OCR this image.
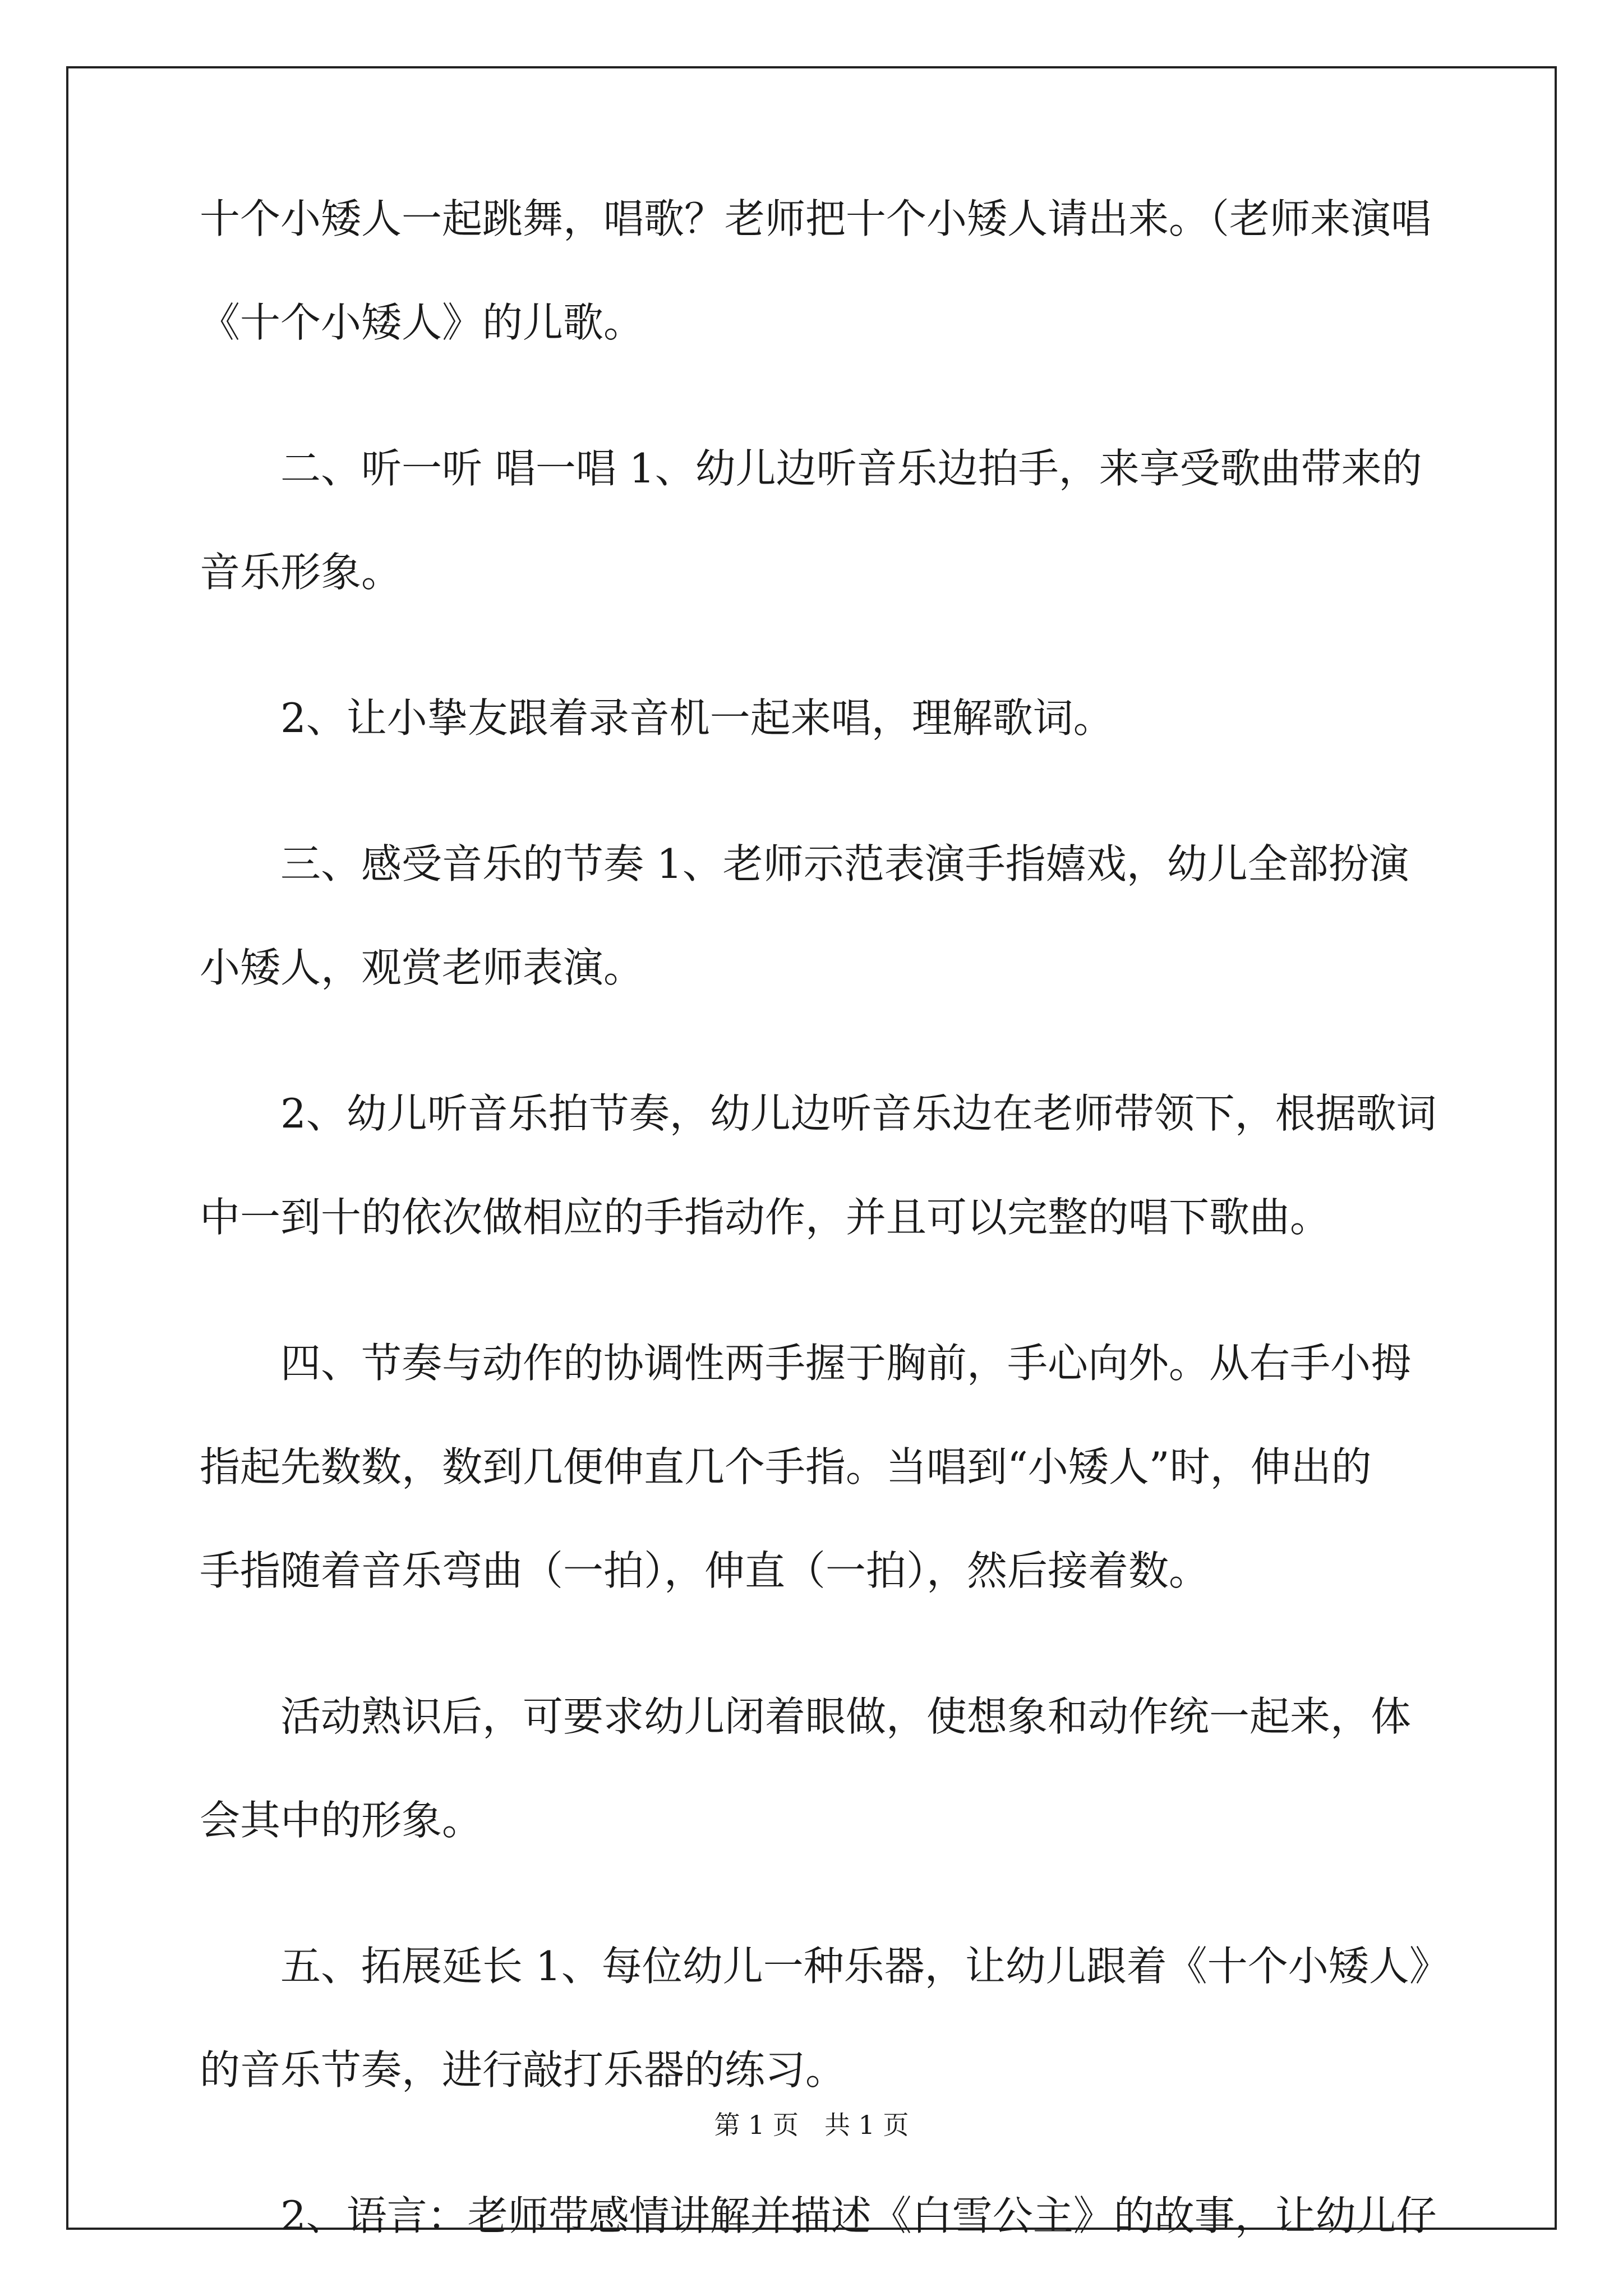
十个小矮人一起跳舞，唱歌？老师把十个小矮人请出来。（老师来演唱
《十个小矮人》的儿歌。
二、听一听 唱一唱 1、幼儿边听音乐边拍手，来享受歌曲带来的
音乐形象。
2、让小挚友跟着录音机一起来唱，理解歌词。
三、感受音乐的节奏 1、老师示范表演手指嬉戏，幼儿全部扮演
小矮人，观赏老师表演。
2、幼儿听音乐拍节奏，幼儿边听音乐边在老师带领下，根据歌词
中一到十的依次做相应的手指动作，并且可以完整的唱下歌曲。
四、节奏与动作的协调性两手握于胸前，手心向外。从右手小拇
指起先数数，数到几便伸直几个手指。当唱到“小矮人”时，伸出的
手指随着音乐弯曲（一拍），伸直（一拍），然后接着数。
活动熟识后，可要求幼儿闭着眼做，使想象和动作统一起来，体
会其中的形象。
五、拓展延长 1、每位幼儿一种乐器，让幼儿跟着《十个小矮人》
的音乐节奏，进行敲打乐器的练习。
2、语言：老师带感情讲解并描述《白雪公主》的故事，让幼儿仔
第 1 页　共 1 页
